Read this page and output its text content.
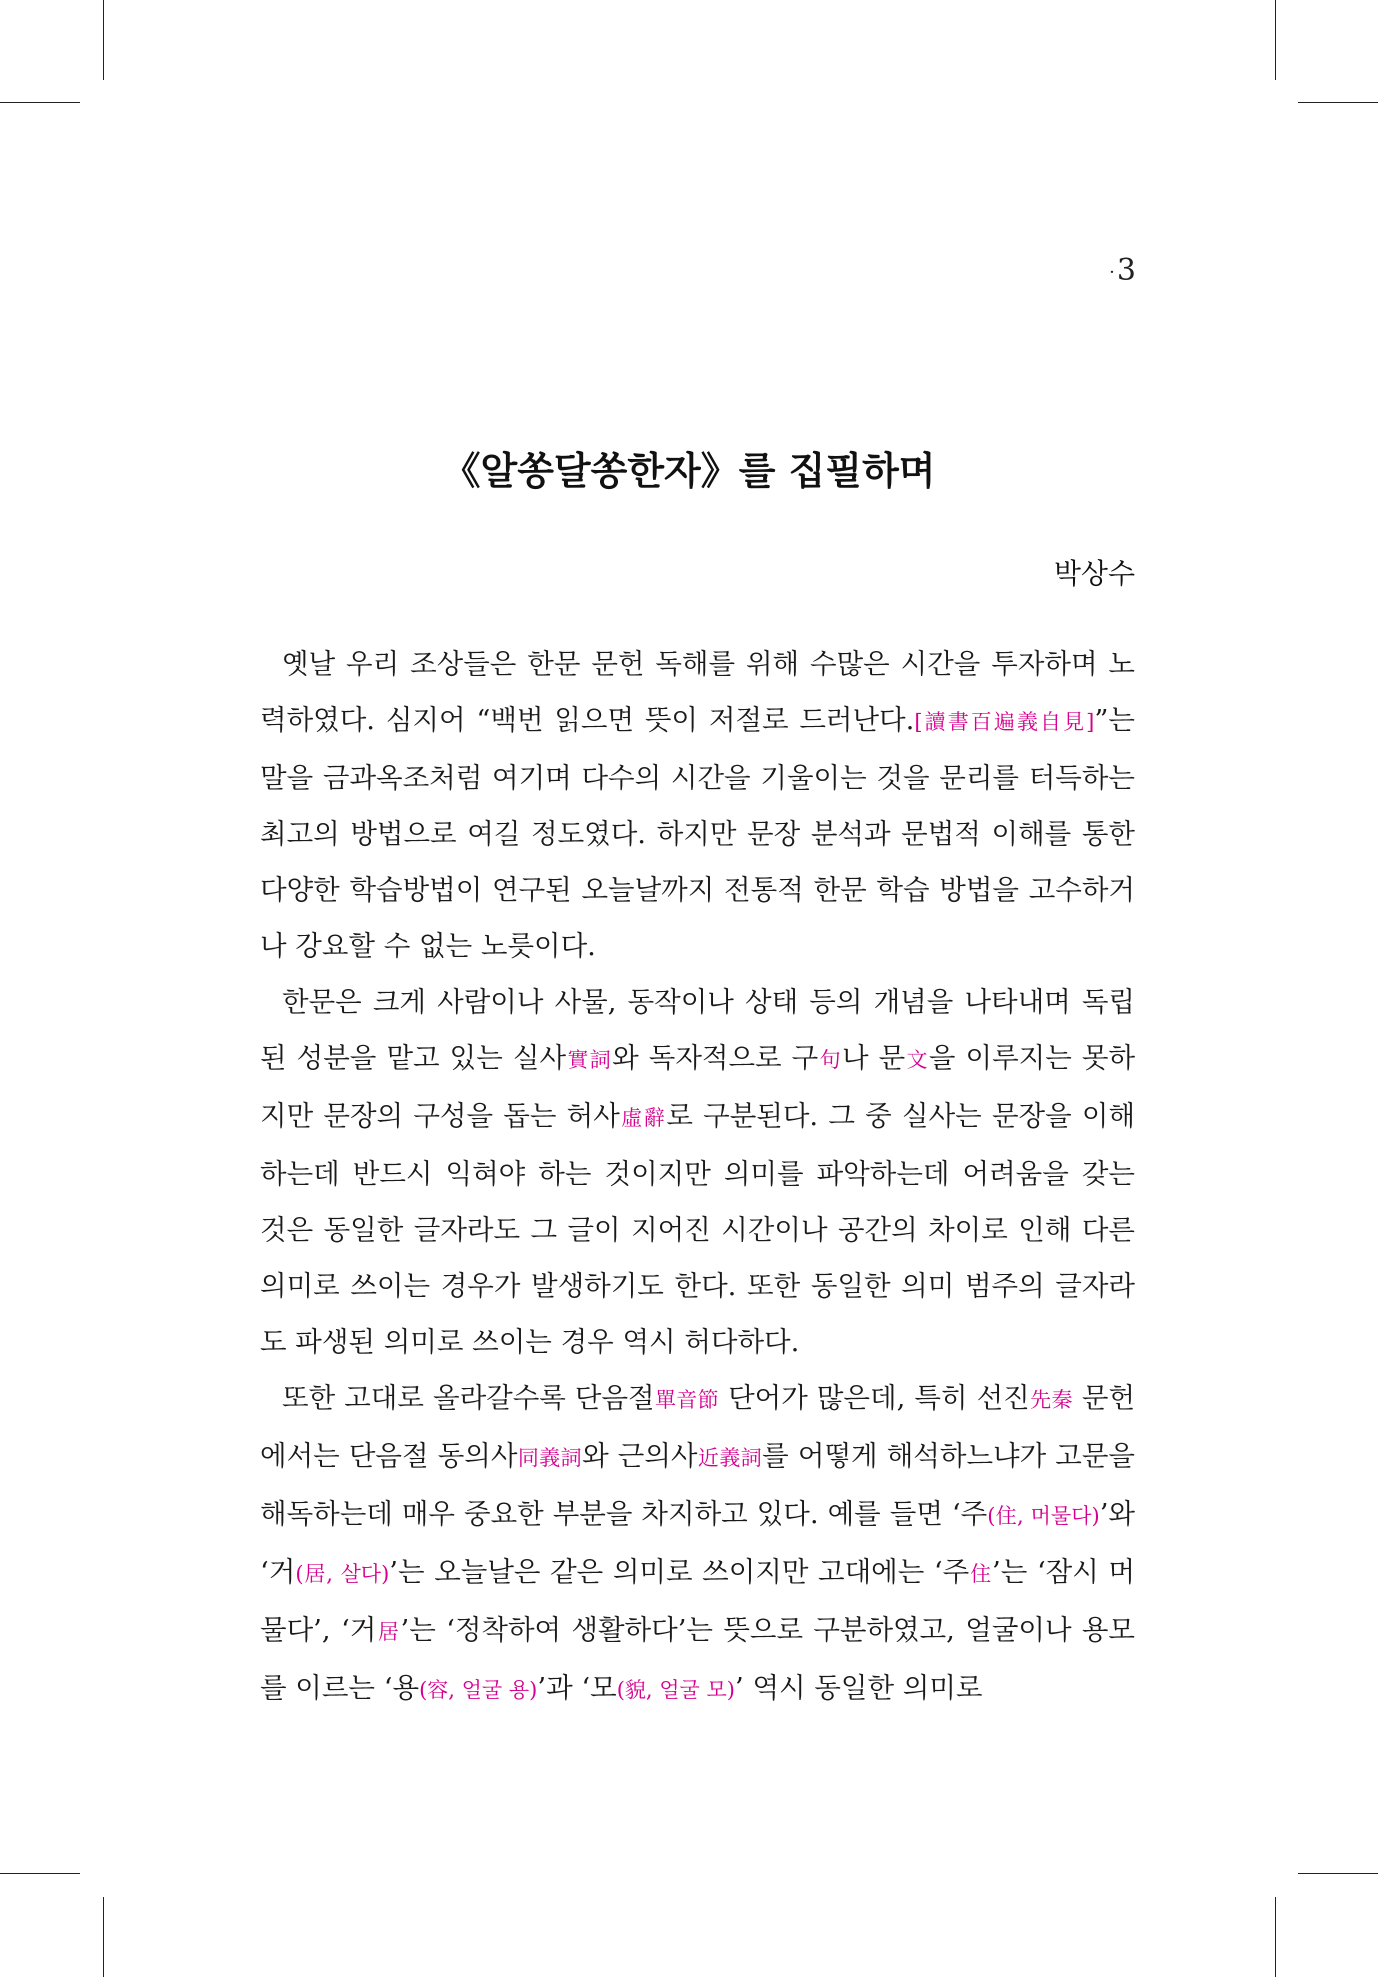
·3
《알쏭달쏭한자》를 집필하며
박상수

옛날 우리 조상들은 한문 문헌 독해를 위해 수많은 시간을 투자하며 노력하였다. 심지어 “백번 읽으면 뜻이 저절로 드러난다.[讀書百遍義自見]”는 말을 금과옥조처럼 여기며 다수의 시간을 기울이는 것을 문리를 터득하는 최고의 방법으로 여길 정도였다. 하지만 문장 분석과 문법적 이해를 통한 다양한 학습방법이 연구된 오늘날까지 전통적 한문 학습 방법을 고수하거나 강요할 수 없는 노릇이다.

한문은 크게 사람이나 사물, 동작이나 상태 등의 개념을 나타내며 독립된 성분을 맡고 있는 실사實詞와 독자적으로 구句나 문文을 이루지는 못하지만 문장의 구성을 돕는 허사虛辭로 구분된다. 그 중 실사는 문장을 이해하는데 반드시 익혀야 하는 것이지만 의미를 파악하는데 어려움을 갖는 것은 동일한 글자라도 그 글이 지어진 시간이나 공간의 차이로 인해 다른 의미로 쓰이는 경우가 발생하기도 한다. 또한 동일한 의미 범주의 글자라도 파생된 의미로 쓰이는 경우 역시 허다하다.

또한 고대로 올라갈수록 단음절單音節 단어가 많은데, 특히 선진先秦 문헌에서는 단음절 동의사同義詞와 근의사近義詞를 어떻게 해석하느냐가 고문을 해독하는데 매우 중요한 부분을 차지하고 있다. 예를 들면 ‘주(住, 머물다)’와 ‘거(居, 살다)’는 오늘날은 같은 의미로 쓰이지만 고대에는 ‘주住’는 ‘잠시 머물다’, ‘거居’는 ‘정착하여 생활하다’는 뜻으로 구분하였고, 얼굴이나 용모를 이르는 ‘용(容, 얼굴 용)’과 ‘모(貌, 얼굴 모)’ 역시 동일한 의미로
